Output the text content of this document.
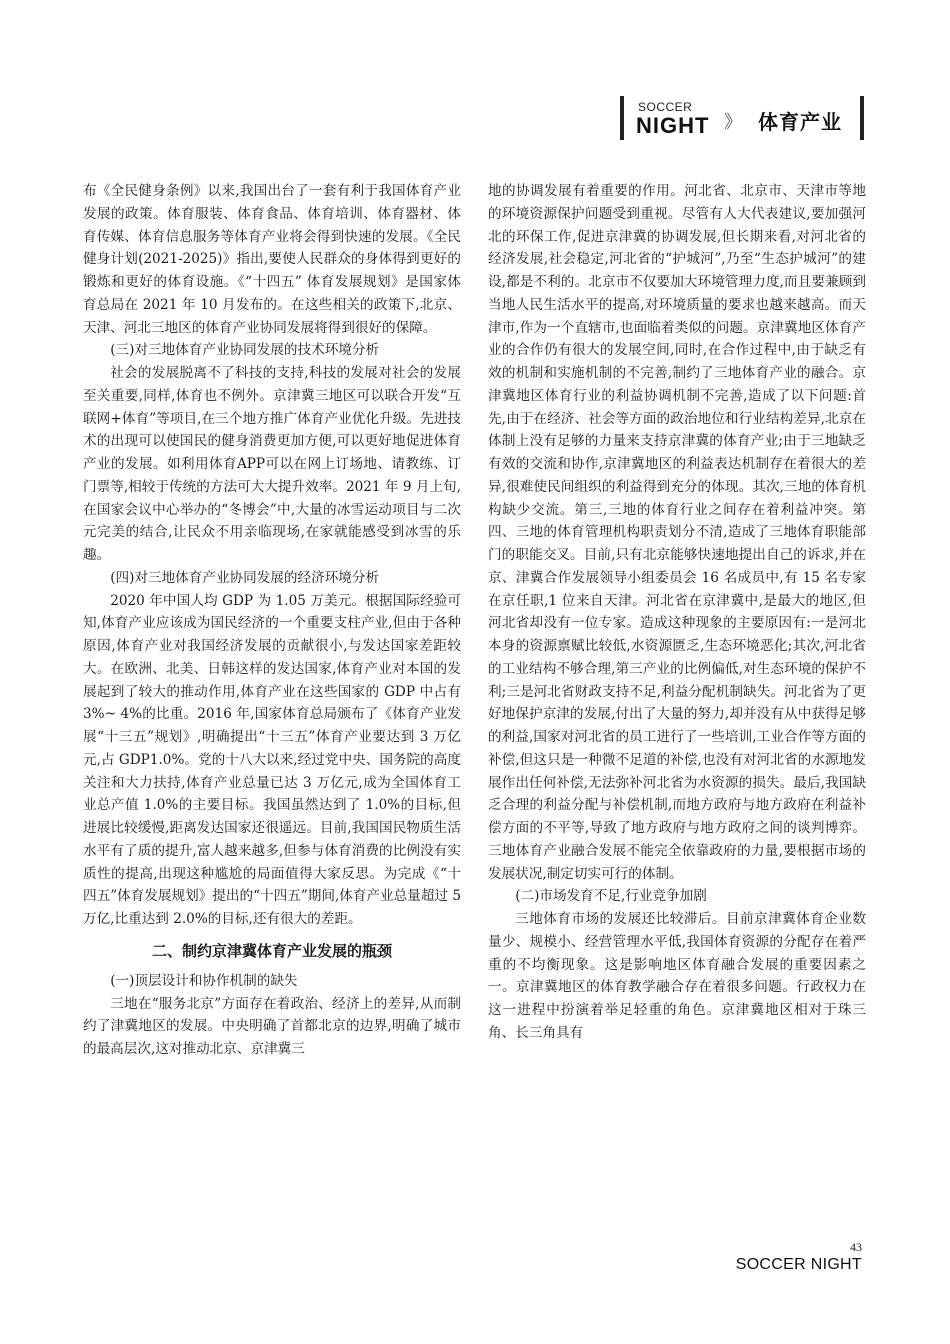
SOCCER
NIGHT 》 体育产业

布《全民健身条例》以来,我国出台了一套有利于我国体育产业发展的政策。体育服装、体育食品、体育培训、体育器材、体育传媒、体育信息服务等体育产业将会得到快速的发展。《全民健身计划(2021-2025)》指出,要使人民群众的身体得到更好的锻炼和更好的体育设施。《“十四五” 体育发展规划》是国家体育总局在 2021 年 10 月发布的。在这些相关的政策下,北京、天津、河北三地区的体育产业协同发展将得到很好的保障。

(三)对三地体育产业协同发展的技术环境分析

社会的发展脱离不了科技的支持,科技的发展对社会的发展至关重要,同样,体育也不例外。京津冀三地区可以联合开发“互联网+体育”等项目,在三个地方推广体育产业优化升级。先进技术的出现可以使国民的健身消费更加方便,可以更好地促进体育产业的发展。如利用体育APP可以在网上订场地、请教练、订门票等,相较于传统的方法可大大提升效率。2021 年 9 月上旬,在国家会议中心举办的“冬博会”中,大量的冰雪运动项目与二次元完美的结合,让民众不用亲临现场,在家就能感受到冰雪的乐趣。

(四)对三地体育产业协同发展的经济环境分析

2020 年中国人均 GDP 为 1.05 万美元。根据国际经验可知,体育产业应该成为国民经济的一个重要支柱产业,但由于各种原因,体育产业对我国经济发展的贡献很小,与发达国家差距较大。在欧洲、北美、日韩这样的发达国家,体育产业对本国的发展起到了较大的推动作用,体育产业在这些国家的 GDP 中占有 3%~ 4%的比重。2016 年,国家体育总局颁布了《体育产业发展“十三五”规划》,明确提出“十三五”体育产业要达到 3 万亿元,占 GDP1.0%。党的十八大以来,经过党中央、国务院的高度关注和大力扶持,体育产业总量已达 3 万亿元,成为全国体育工业总产值 1.0%的主要目标。我国虽然达到了 1.0%的目标,但进展比较缓慢,距离发达国家还很遥远。目前,我国国民物质生活水平有了质的提升,富人越来越多,但参与体育消费的比例没有实质性的提高,出现这种尴尬的局面值得大家反思。为完成《“十四五”体育发展规划》提出的“十四五”期间,体育产业总量超过 5 万亿,比重达到 2.0%的目标,还有很大的差距。

二、制约京津冀体育产业发展的瓶颈

(一)顶层设计和协作机制的缺失

三地在“服务北京”方面存在着政治、经济上的差异,从而制约了津冀地区的发展。中央明确了首都北京的边界,明确了城市的最高层次,这对推动北京、京津冀三

地的协调发展有着重要的作用。河北省、北京市、天津市等地的环境资源保护问题受到重视。尽管有人大代表建议,要加强河北的环保工作,促进京津冀的协调发展,但长期来看,对河北省的经济发展,社会稳定,河北省的“护城河”,乃至“生态护城河”的建设,都是不利的。北京市不仅要加大环境管理力度,而且要兼顾到当地人民生活水平的提高,对环境质量的要求也越来越高。而天津市,作为一个直辖市,也面临着类似的问题。京津冀地区体育产业的合作仍有很大的发展空间,同时,在合作过程中,由于缺乏有效的机制和实施机制的不完善,制约了三地体育产业的融合。京津冀地区体育行业的利益协调机制不完善,造成了以下问题:首先,由于在经济、社会等方面的政治地位和行业结构差异,北京在体制上没有足够的力量来支持京津冀的体育产业;由于三地缺乏有效的交流和协作,京津冀地区的利益表达机制存在着很大的差异,很难使民间组织的利益得到充分的体现。其次,三地的体育机构缺少交流。第三,三地的体育行业之间存在着利益冲突。第四、三地的体育管理机构职责划分不清,造成了三地体育职能部门的职能交叉。目前,只有北京能够快速地提出自己的诉求,并在京、津冀合作发展领导小组委员会 16 名成员中,有 15 名专家在京任职,1 位来自天津。河北省在京津冀中,是最大的地区,但河北省却没有一位专家。造成这种现象的主要原因有:一是河北本身的资源禀赋比较低,水资源匮乏,生态环境恶化;其次,河北省的工业结构不够合理,第三产业的比例偏低,对生态环境的保护不利;三是河北省财政支持不足,利益分配机制缺失。河北省为了更好地保护京津的发展,付出了大量的努力,却并没有从中获得足够的利益,国家对河北省的员工进行了一些培训,工业合作等方面的补偿,但这只是一种微不足道的补偿,也没有对河北省的水源地发展作出任何补偿,无法弥补河北省为水资源的损失。最后,我国缺乏合理的利益分配与补偿机制,而地方政府与地方政府在利益补偿方面的不平等,导致了地方政府与地方政府之间的谈判博弈。三地体育产业融合发展不能完全依靠政府的力量,要根据市场的发展状况,制定切实可行的体制。

(二)市场发育不足,行业竞争加剧

三地体育市场的发展还比较滞后。目前京津冀体育企业数量少、规模小、经营管理水平低,我国体育资源的分配存在着严重的不均衡现象。这是影响地区体育融合发展的重要因素之一。京津冀地区的体育教学融合存在着很多问题。行政权力在这一进程中扮演着举足轻重的角色。京津冀地区相对于珠三角、长三角具有

43
SOCCER NIGHT
